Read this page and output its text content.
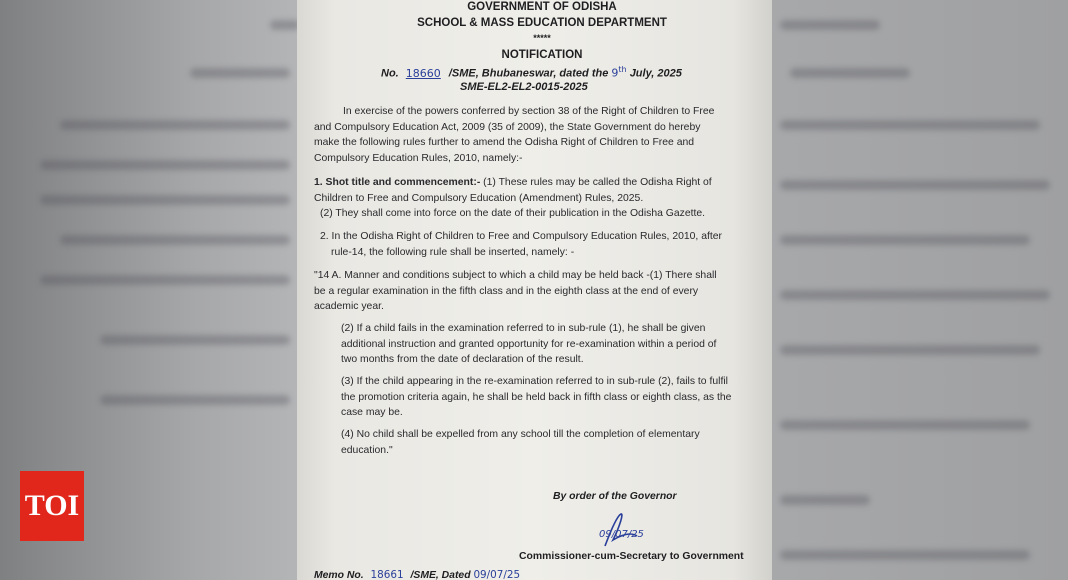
GOVERNMENT OF ODISHA
SCHOOL & MASS EDUCATION DEPARTMENT
*****
NOTIFICATION
No. 18660 /SME, Bhubaneswar, dated the 9th July, 2025
SME-EL2-EL2-0015-2025
In exercise of the powers conferred by section 38 of the Right of Children to Free
and Compulsory Education Act, 2009 (35 of 2009), the State Government do hereby
make the following rules further to amend the Odisha Right of Children to Free and
Compulsory Education Rules, 2010, namely:-
1. Shot title and commencement:- (1) These rules may be called the Odisha Right of
Children to Free and Compulsory Education (Amendment) Rules, 2025.
(2) They shall come into force on the date of their publication in the Odisha Gazette.
2. In the Odisha Right of Children to Free and Compulsory Education Rules, 2010, after
rule-14, the following rule shall be inserted, namely: -
"14 A. Manner and conditions subject to which a child may be held back -(1) There shall
be a regular examination in the fifth class and in the eighth class at the end of every
academic year.
(2) If a child fails in the examination referred to in sub-rule (1), he shall be given
additional instruction and granted opportunity for re-examination within a period of
two months from the date of declaration of the result.
(3) If the child appearing in the re-examination referred to in sub-rule (2), fails to fulfil
the promotion criteria again, he shall be held back in fifth class or eighth class, as the
case may be.
(4) No child shall be expelled from any school till the completion of elementary
education."
By order of the Governor
09/07/25
Commissioner-cum-Secretary to Government
Memo No. 18661 /SME, Dated 09/07/25
TOI
